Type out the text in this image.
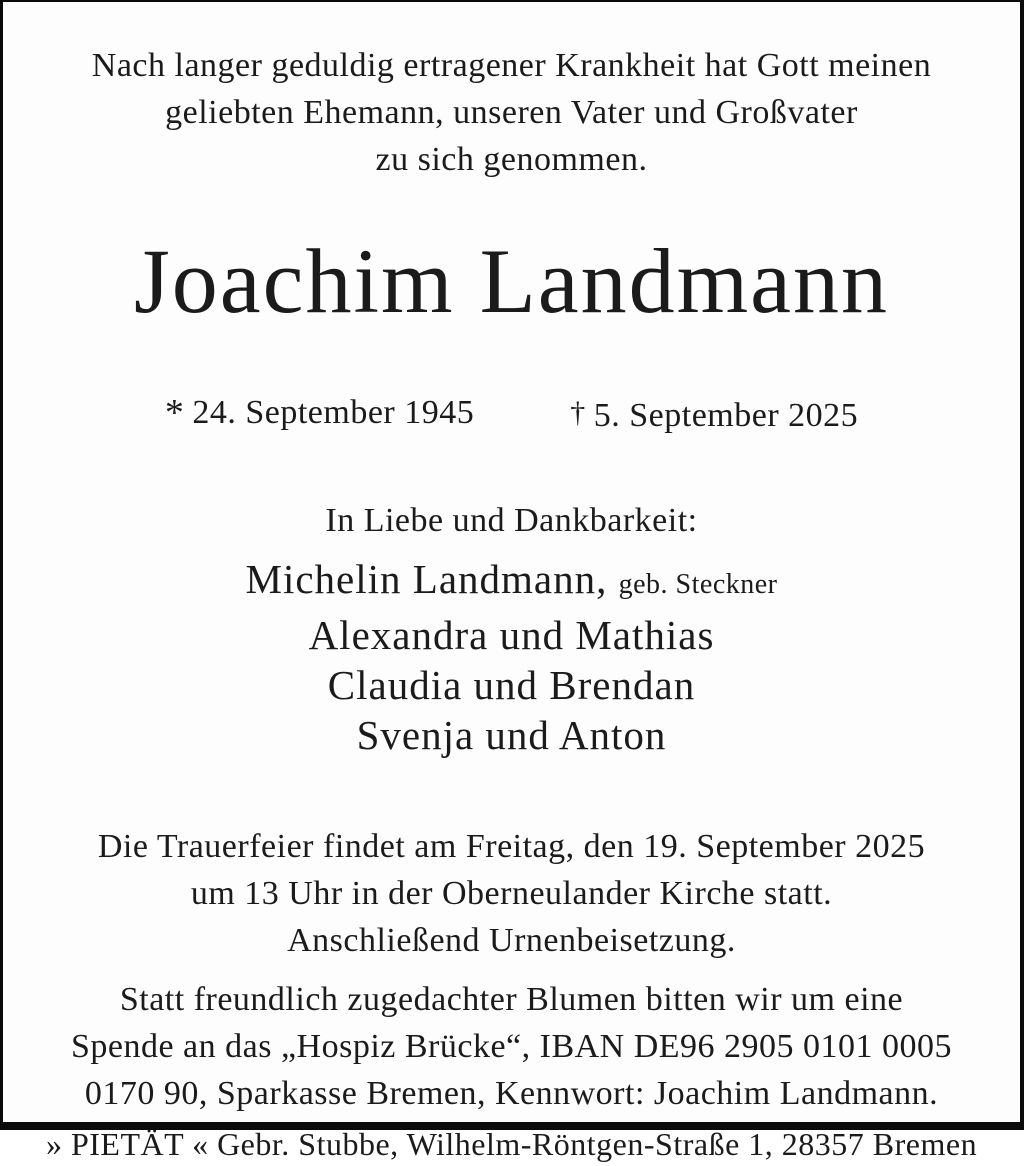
Nach langer geduldig ertragener Krankheit hat Gott meinen

geliebten Ehemann, unseren Vater und Großvater

zu sich genommen.

Joachim Landmann
* 24. September 1945	† 5. September 2025

In Liebe und Dankbarkeit:

Michelin Landmann, geb. Steckner

Alexandra und Mathias

Claudia und Brendan

Svenja und Anton

Die Trauerfeier findet am Freitag, den 19. September 2025

um 13 Uhr in der Oberneulander Kirche statt.

Anschließend Urnenbeisetzung.

Statt freundlich zugedachter Blumen bitten wir um eine

Spende an das „Hospiz Brücke“, IBAN DE96 2905 0101 0005

0170 90, Sparkasse Bremen, Kennwort: Joachim Landmann.

» PIETÄT « Gebr. Stubbe, Wilhelm-Röntgen-Straße 1, 28357 Bremen
